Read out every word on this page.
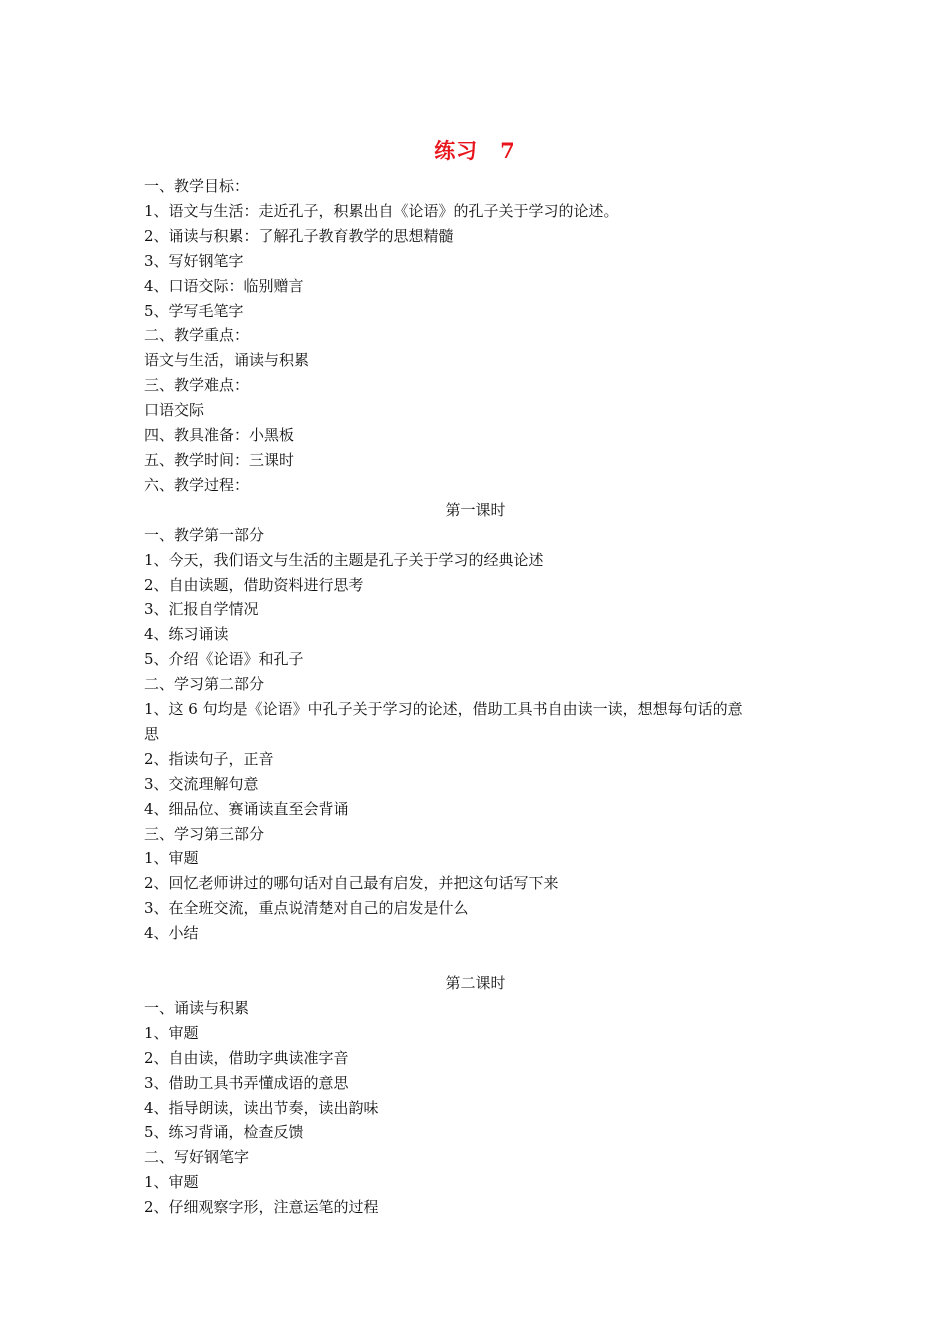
练习　7

一、教学目标：

1、语文与生活：走近孔子，积累出自《论语》的孔子关于学习的论述。

2、诵读与积累：了解孔子教育教学的思想精髓

3、写好钢笔字

4、口语交际：临别赠言

5、学写毛笔字

二、教学重点：

语文与生活，诵读与积累

三、教学难点：

口语交际

四、教具准备：小黑板

五、教学时间：三课时

六、教学过程：

第一课时

一、教学第一部分

1、今天，我们语文与生活的主题是孔子关于学习的经典论述

2、自由读题，借助资料进行思考

3、汇报自学情况

4、练习诵读

5、介绍《论语》和孔子

二、学习第二部分

1、这 6 句均是《论语》中孔子关于学习的论述，借助工具书自由读一读，想想每句话的意

思

2、指读句子，正音

3、交流理解句意

4、细品位、赛诵读直至会背诵

三、学习第三部分

1、审题

2、回忆老师讲过的哪句话对自己最有启发，并把这句话写下来

3、在全班交流，重点说清楚对自己的启发是什么

4、小结

第二课时

一、诵读与积累

1、审题

2、自由读，借助字典读准字音

3、借助工具书弄懂成语的意思

4、指导朗读，读出节奏，读出韵味

5、练习背诵，检查反馈

二、写好钢笔字

1、审题

2、仔细观察字形，注意运笔的过程
